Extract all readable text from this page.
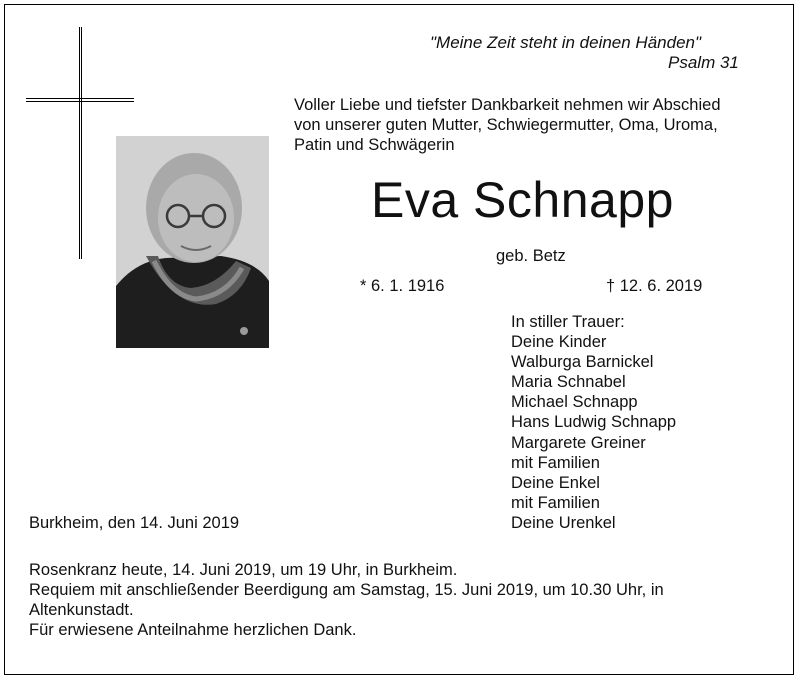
"Meine Zeit steht in deinen Händen"
Psalm 31
Voller Liebe und tiefster Dankbarkeit nehmen wir Abschied
von unserer guten Mutter, Schwiegermutter, Oma, Uroma,
Patin und Schwägerin
Eva Schnapp
geb. Betz
* 6. 1. 1916	† 12. 6. 2019
In stiller Trauer:
Deine Kinder
Walburga Barnickel
Maria Schnabel
Michael Schnapp
Hans Ludwig Schnapp
Margarete Greiner
mit Familien
Deine Enkel
mit Familien
Deine Urenkel
Burkheim, den 14. Juni 2019
Rosenkranz heute, 14. Juni 2019, um 19 Uhr, in Burkheim.
Requiem mit anschließender Beerdigung am Samstag, 15. Juni 2019, um 10.30 Uhr, in
Altenkunstadt.
Für erwiesene Anteilnahme herzlichen Dank.
